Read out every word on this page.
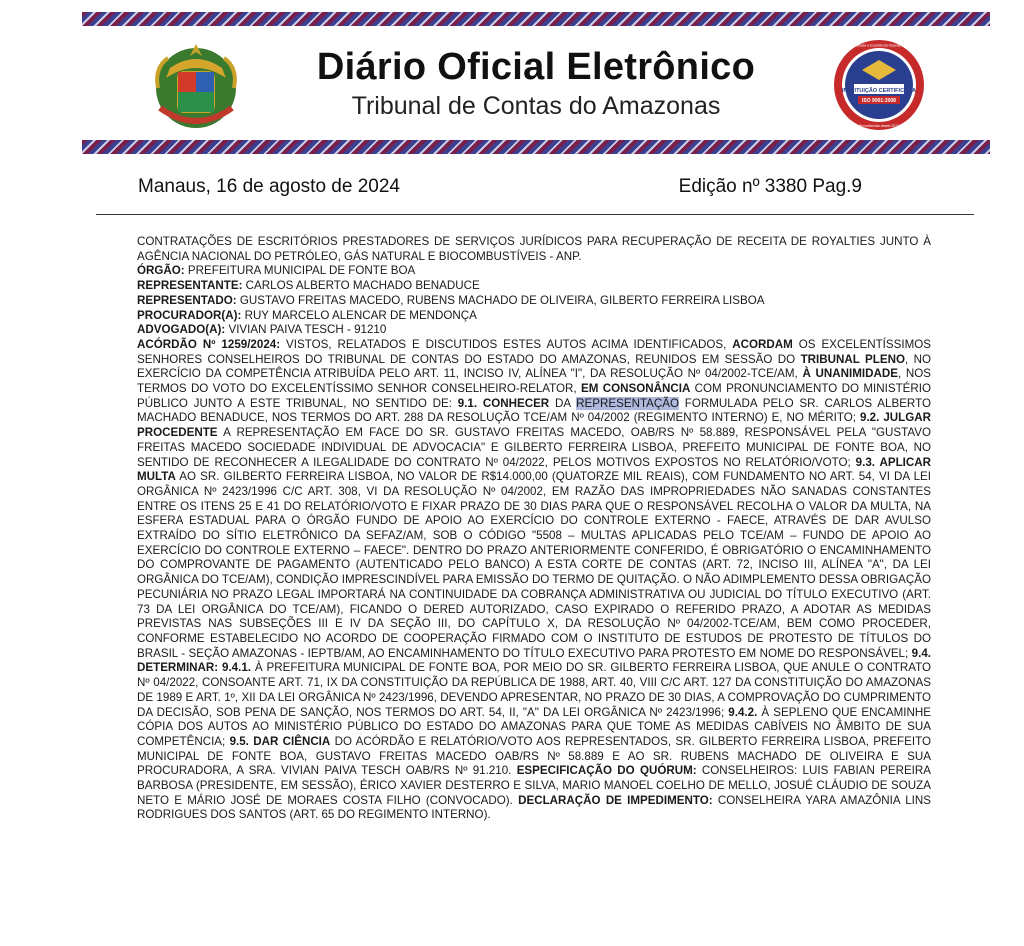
Diário Oficial Eletrônico
Tribunal de Contas do Amazonas
INSTITUIÇÃO CERTIFICADA
ISO 9001:2008
Qualidade e Excelência Operacional
Reconhecida desde 2013
Manaus, 16 de agosto de 2024	Edição nº 3380 Pag.9

CONTRATAÇÕES DE ESCRITÓRIOS PRESTADORES DE SERVIÇOS JURÍDICOS PARA RECUPERAÇÃO DE RECEITA DE ROYALTIES JUNTO À AGÊNCIA NACIONAL DO PETRÓLEO, GÁS NATURAL E BIOCOMBUSTÍVEIS - ANP.

ÓRGÃO: PREFEITURA MUNICIPAL DE FONTE BOA

REPRESENTANTE: CARLOS ALBERTO MACHADO BENADUCE

REPRESENTADO: GUSTAVO FREITAS MACEDO, RUBENS MACHADO DE OLIVEIRA, GILBERTO FERREIRA LISBOA

PROCURADOR(A): RUY MARCELO ALENCAR DE MENDONÇA

ADVOGADO(A): VIVIAN PAIVA TESCH - 91210

ACÓRDÃO Nº 1259/2024: VISTOS, RELATADOS E DISCUTIDOS ESTES AUTOS ACIMA IDENTIFICADOS, ACORDAM OS EXCELENTÍSSIMOS SENHORES CONSELHEIROS DO TRIBUNAL DE CONTAS DO ESTADO DO AMAZONAS, REUNIDOS EM SESSÃO DO TRIBUNAL PLENO, NO EXERCÍCIO DA COMPETÊNCIA ATRIBUÍDA PELO ART. 11, INCISO IV, ALÍNEA "I", DA RESOLUÇÃO Nº 04/2002-TCE/AM, À UNANIMIDADE, NOS TERMOS DO VOTO DO EXCELENTÍSSIMO SENHOR CONSELHEIRO-RELATOR, EM CONSONÂNCIA COM PRONUNCIAMENTO DO MINISTÉRIO PÚBLICO JUNTO A ESTE TRIBUNAL, NO SENTIDO DE: 9.1. CONHECER DA REPRESENTAÇÃO FORMULADA PELO SR. CARLOS ALBERTO MACHADO BENADUCE, NOS TERMOS DO ART. 288 DA RESOLUÇÃO TCE/AM Nº 04/2002 (REGIMENTO INTERNO) E, NO MÉRITO; 9.2. JULGAR PROCEDENTE A REPRESENTAÇÃO EM FACE DO SR. GUSTAVO FREITAS MACEDO, OAB/RS Nº 58.889, RESPONSÁVEL PELA "GUSTAVO FREITAS MACEDO SOCIEDADE INDIVIDUAL DE ADVOCACIA" E GILBERTO FERREIRA LISBOA, PREFEITO MUNICIPAL DE FONTE BOA, NO SENTIDO DE RECONHECER A ILEGALIDADE DO CONTRATO Nº 04/2022, PELOS MOTIVOS EXPOSTOS NO RELATÓRIO/VOTO; 9.3. APLICAR MULTA AO SR. GILBERTO FERREIRA LISBOA, NO VALOR DE R$14.000,00 (QUATORZE MIL REAIS), COM FUNDAMENTO NO ART. 54, VI DA LEI ORGÂNICA Nº 2423/1996 C/C ART. 308, VI DA RESOLUÇÃO Nº 04/2002, EM RAZÃO DAS IMPROPRIEDADES NÃO SANADAS CONSTANTES ENTRE OS ITENS 25 E 41 DO RELATÓRIO/VOTO E FIXAR PRAZO DE 30 DIAS PARA QUE O RESPONSÁVEL RECOLHA O VALOR DA MULTA, NA ESFERA ESTADUAL PARA O ÓRGÃO FUNDO DE APOIO AO EXERCÍCIO DO CONTROLE EXTERNO - FAECE, ATRAVÉS DE DAR AVULSO EXTRAÍDO DO SÍTIO ELETRÔNICO DA SEFAZ/AM, SOB O CÓDIGO "5508 – MULTAS APLICADAS PELO TCE/AM – FUNDO DE APOIO AO EXERCÍCIO DO CONTROLE EXTERNO – FAECE". DENTRO DO PRAZO ANTERIORMENTE CONFERIDO, É OBRIGATÓRIO O ENCAMINHAMENTO DO COMPROVANTE DE PAGAMENTO (AUTENTICADO PELO BANCO) A ESTA CORTE DE CONTAS (ART. 72, INCISO III, ALÍNEA "A", DA LEI ORGÂNICA DO TCE/AM), CONDIÇÃO IMPRESCINDÍVEL PARA EMISSÃO DO TERMO DE QUITAÇÃO. O NÃO ADIMPLEMENTO DESSA OBRIGAÇÃO PECUNIÁRIA NO PRAZO LEGAL IMPORTARÁ NA CONTINUIDADE DA COBRANÇA ADMINISTRATIVA OU JUDICIAL DO TÍTULO EXECUTIVO (ART. 73 DA LEI ORGÂNICA DO TCE/AM), FICANDO O DERED AUTORIZADO, CASO EXPIRADO O REFERIDO PRAZO, A ADOTAR AS MEDIDAS PREVISTAS NAS SUBSEÇÕES III E IV DA SEÇÃO III, DO CAPÍTULO X, DA RESOLUÇÃO Nº 04/2002-TCE/AM, BEM COMO PROCEDER, CONFORME ESTABELECIDO NO ACORDO DE COOPERAÇÃO FIRMADO COM O INSTITUTO DE ESTUDOS DE PROTESTO DE TÍTULOS DO BRASIL - SEÇÃO AMAZONAS - IEPTB/AM, AO ENCAMINHAMENTO DO TÍTULO EXECUTIVO PARA PROTESTO EM NOME DO RESPONSÁVEL; 9.4. DETERMINAR: 9.4.1. À PREFEITURA MUNICIPAL DE FONTE BOA, POR MEIO DO SR. GILBERTO FERREIRA LISBOA, QUE ANULE O CONTRATO Nº 04/2022, CONSOANTE ART. 71, IX DA CONSTITUIÇÃO DA REPÚBLICA DE 1988, ART. 40, VIII C/C ART. 127 DA CONSTITUIÇÃO DO AMAZONAS DE 1989 E ART. 1º, XII DA LEI ORGÂNICA Nº 2423/1996, DEVENDO APRESENTAR, NO PRAZO DE 30 DIAS, A COMPROVAÇÃO DO CUMPRIMENTO DA DECISÃO, SOB PENA DE SANÇÃO, NOS TERMOS DO ART. 54, II, "A" DA LEI ORGÂNICA Nº 2423/1996; 9.4.2. À SEPLENO QUE ENCAMINHE CÓPIA DOS AUTOS AO MINISTÉRIO PÚBLICO DO ESTADO DO AMAZONAS PARA QUE TOME AS MEDIDAS CABÍVEIS NO ÂMBITO DE SUA COMPETÊNCIA; 9.5. DAR CIÊNCIA DO ACÓRDÃO E RELATÓRIO/VOTO AOS REPRESENTADOS, SR. GILBERTO FERREIRA LISBOA, PREFEITO MUNICIPAL DE FONTE BOA, GUSTAVO FREITAS MACEDO OAB/RS Nº 58.889 E AO SR. RUBENS MACHADO DE OLIVEIRA E SUA PROCURADORA, A SRA. VIVIAN PAIVA TESCH OAB/RS Nº 91.210. ESPECIFICAÇÃO DO QUÓRUM: CONSELHEIROS: LUIS FABIAN PEREIRA BARBOSA (PRESIDENTE, EM SESSÃO), ÉRICO XAVIER DESTERRO E SILVA, MARIO MANOEL COELHO DE MELLO, JOSUÉ CLÁUDIO DE SOUZA NETO E MÁRIO JOSÉ DE MORAES COSTA FILHO (CONVOCADO). DECLARAÇÃO DE IMPEDIMENTO: CONSELHEIRA YARA AMAZÔNIA LINS RODRIGUES DOS SANTOS (ART. 65 DO REGIMENTO INTERNO).
